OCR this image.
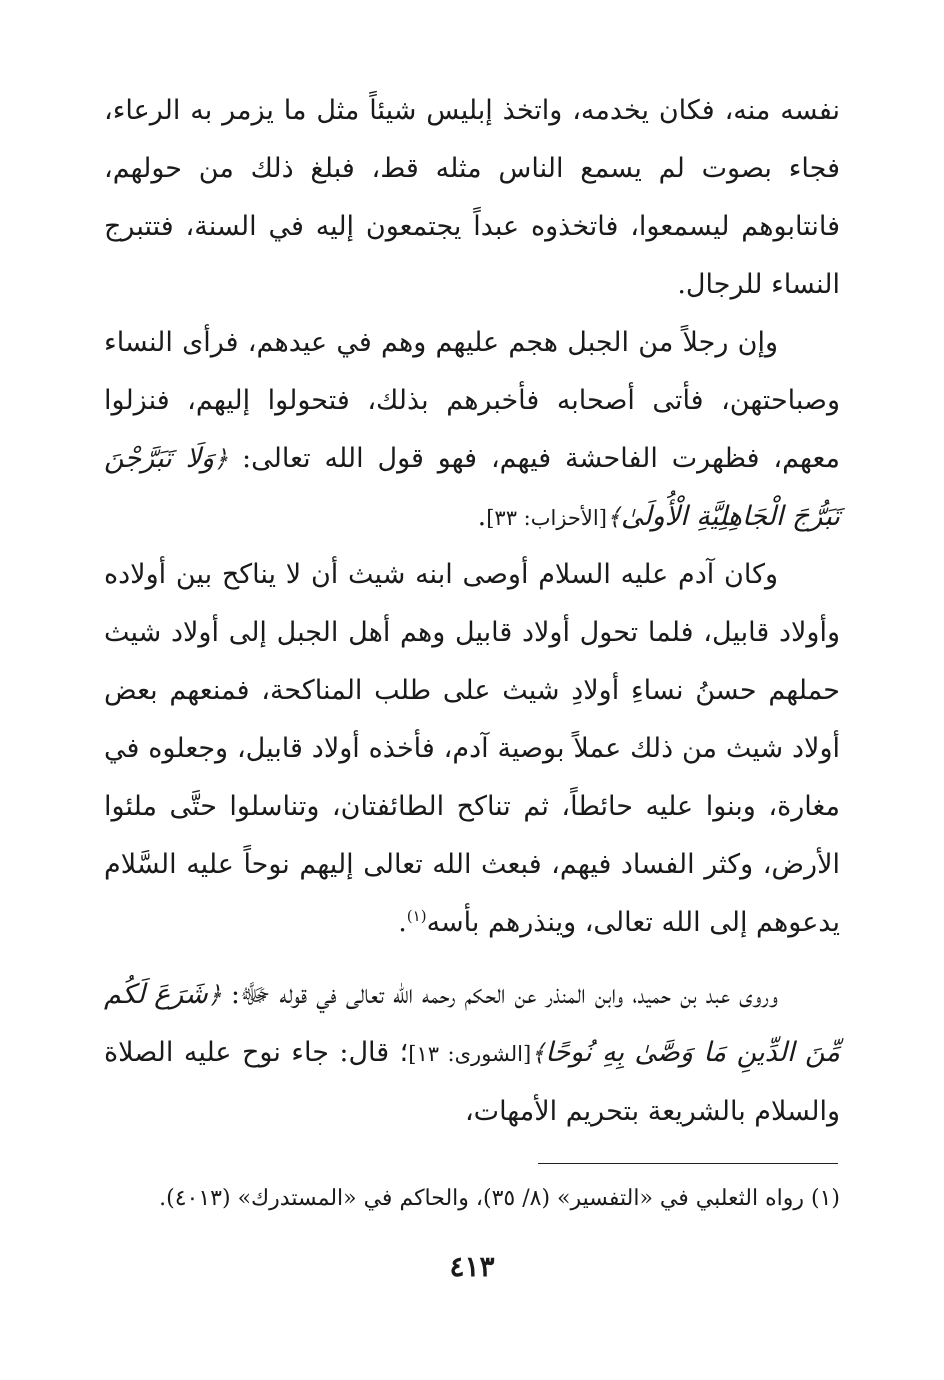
نفسه منه، فكان يخدمه، واتخذ إبليس شيئاً مثل ما يزمر به الرعاء، فجاء بصوت لم يسمع الناس مثله قط، فبلغ ذلك من حولهم، فانتابوهم ليسمعوا، فاتخذوه عبداً يجتمعون إليه في السنة، فتتبرج النساء للرجال.

وإن رجلاً من الجبل هجم عليهم وهم في عيدهم، فرأى النساء وصباحتهن، فأتى أصحابه فأخبرهم بذلك، فتحولوا إليهم، فنزلوا معهم، فظهرت الفاحشة فيهم، فهو قول الله تعالى: ﴿وَلَا تَبَرَّجْنَ تَبَرُّجَ الْجَاهِلِيَّةِ الْأُولَىٰ﴾[الأحزاب: ٣٣].

وكان آدم عليه السلام أوصى ابنه شيث أن لا يناكح بين أولاده وأولاد قابيل، فلما تحول أولاد قابيل وهم أهل الجبل إلى أولاد شيث حملهم حسنُ نساءِ أولادِ شيث على طلب المناكحة، فمنعهم بعض أولاد شيث من ذلك عملاً بوصية آدم، فأخذه أولاد قابيل، وجعلوه في مغارة، وبنوا عليه حائطاً، ثم تناكح الطائفتان، وتناسلوا حتَّى ملئوا الأرض، وكثر الفساد فيهم، فبعث الله تعالى إليهم نوحاً عليه السَّلام يدعوهم إلى الله تعالى، وينذرهم بأسه$^{(١)}$.

وروى عبد بن حميد، وابن المنذر عن الحكم رحمه الله تعالى في قوله ﷻ: ﴿شَرَعَ لَكُم مِّنَ الدِّينِ مَا وَصَّىٰ بِهِ نُوحًا﴾[الشورى: ١٣]؛ قال: جاء نوح عليه الصلاة والسلام بالشريعة بتحريم الأمهات،

(١) رواه الثعلبي في «التفسير» (٨/ ٣٥)، والحاكم في «المستدرك» (٤٠١٣).

٤١٣
